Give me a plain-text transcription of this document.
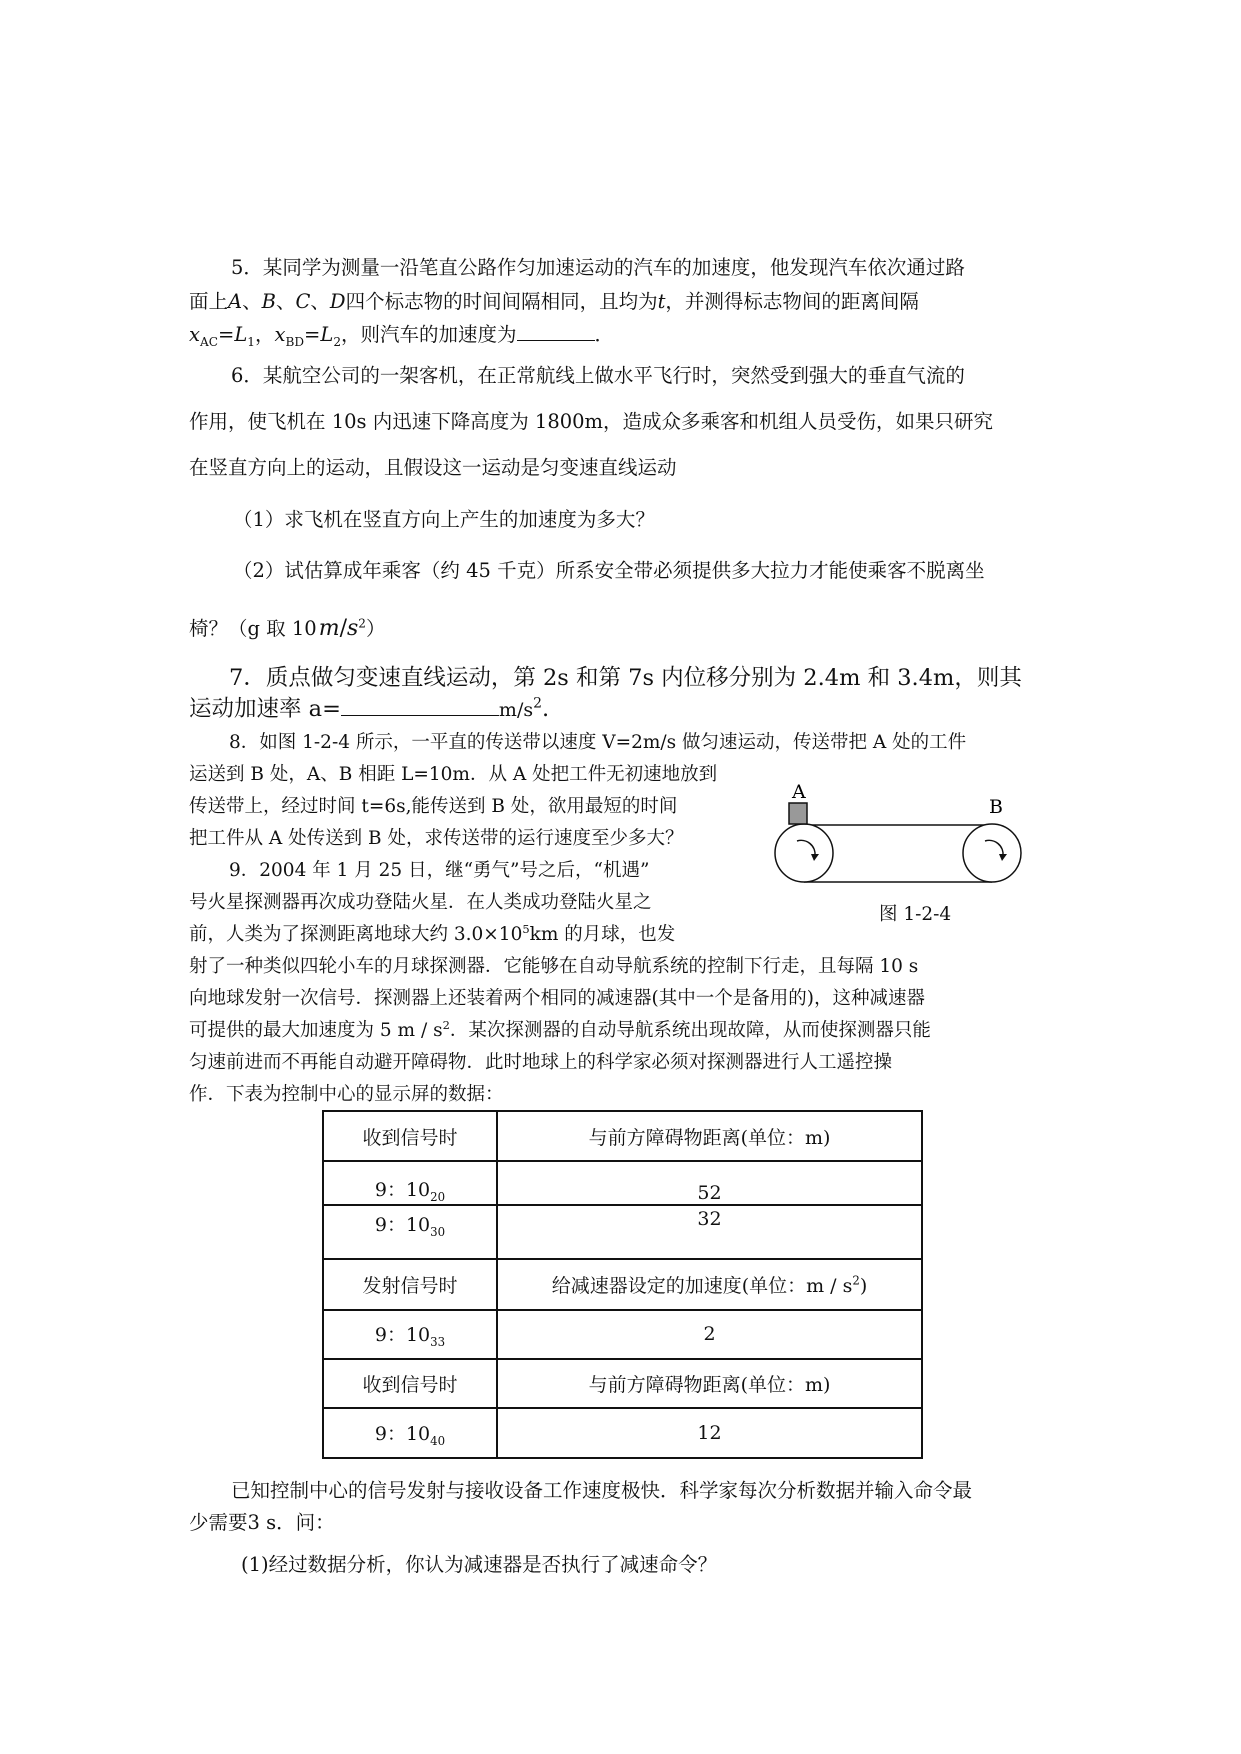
5．某同学为测量一沿笔直公路作匀加速运动的汽车的加速度，他发现汽车依次通过路
面上A、B、C、D四个标志物的时间间隔相同，且均为t，并测得标志物间的距离间隔
$x_{AC}=L_1$，$x_{BD}=L_2$，则汽车的加速度为	．
6．某航空公司的一架客机，在正常航线上做水平飞行时，突然受到强大的垂直气流的
作用，使飞机在 10s 内迅速下降高度为 1800m，造成众多乘客和机组人员受伤，如果只研究
在竖直方向上的运动，且假设这一运动是匀变速直线运动
（1）求飞机在竖直方向上产生的加速度为多大？
（2）试估算成年乘客（约 45 千克）所系安全带必须提供多大拉力才能使乘客不脱离坐
椅？（g 取 $10m/s^2$）
7．质点做匀变速直线运动，第 2s 和第 7s 内位移分别为 2.4m 和 3.4m，则其
运动加速率 a=	$m/s^2$.
8．如图 1-2-4 所示，一平直的传送带以速度 V=2m/s 做匀速运动，传送带把 A 处的工件
运送到 B 处，A、B 相距 L=10m．从 A 处把工件无初速地放到
传送带上，经过时间 t=6s,能传送到 B 处，欲用最短的时间
把工件从 A 处传送到 B 处，求传送带的运行速度至少多大？
A
B
图 1-2-4
9．2004 年 1 月 25 日，继“勇气”号之后，“机遇”
号火星探测器再次成功登陆火星．在人类成功登陆火星之
前，人类为了探测距离地球大约 $3.0\times 10^5km$ 的月球，也发
射了一种类似四轮小车的月球探测器．它能够在自动导航系统的控制下行走，且每隔 10 s
向地球发射一次信号．探测器上还装着两个相同的减速器(其中一个是备用的)，这种减速器
可提供的最大加速度为 5 m / $s^2$．某次探测器的自动导航系统出现故障，从而使探测器只能
匀速前进而不再能自动避开障碍物．此时地球上的科学家必须对探测器进行人工遥控操
作．下表为控制中心的显示屏的数据：
收到信号时	与前方障碍物距离(单位：m)
9：$10_{20}$	52
9：$10_{30}$	32
发射信号时	给减速器设定的加速度(单位：m / $s^2$)
9：$10_{33}$	2
收到信号时	与前方障碍物距离(单位：m)
9：$10_{40}$	12
已知控制中心的信号发射与接收设备工作速度极快．科学家每次分析数据并输入命令最
少需要3 s．问：
(1)经过数据分析，你认为减速器是否执行了减速命令？
